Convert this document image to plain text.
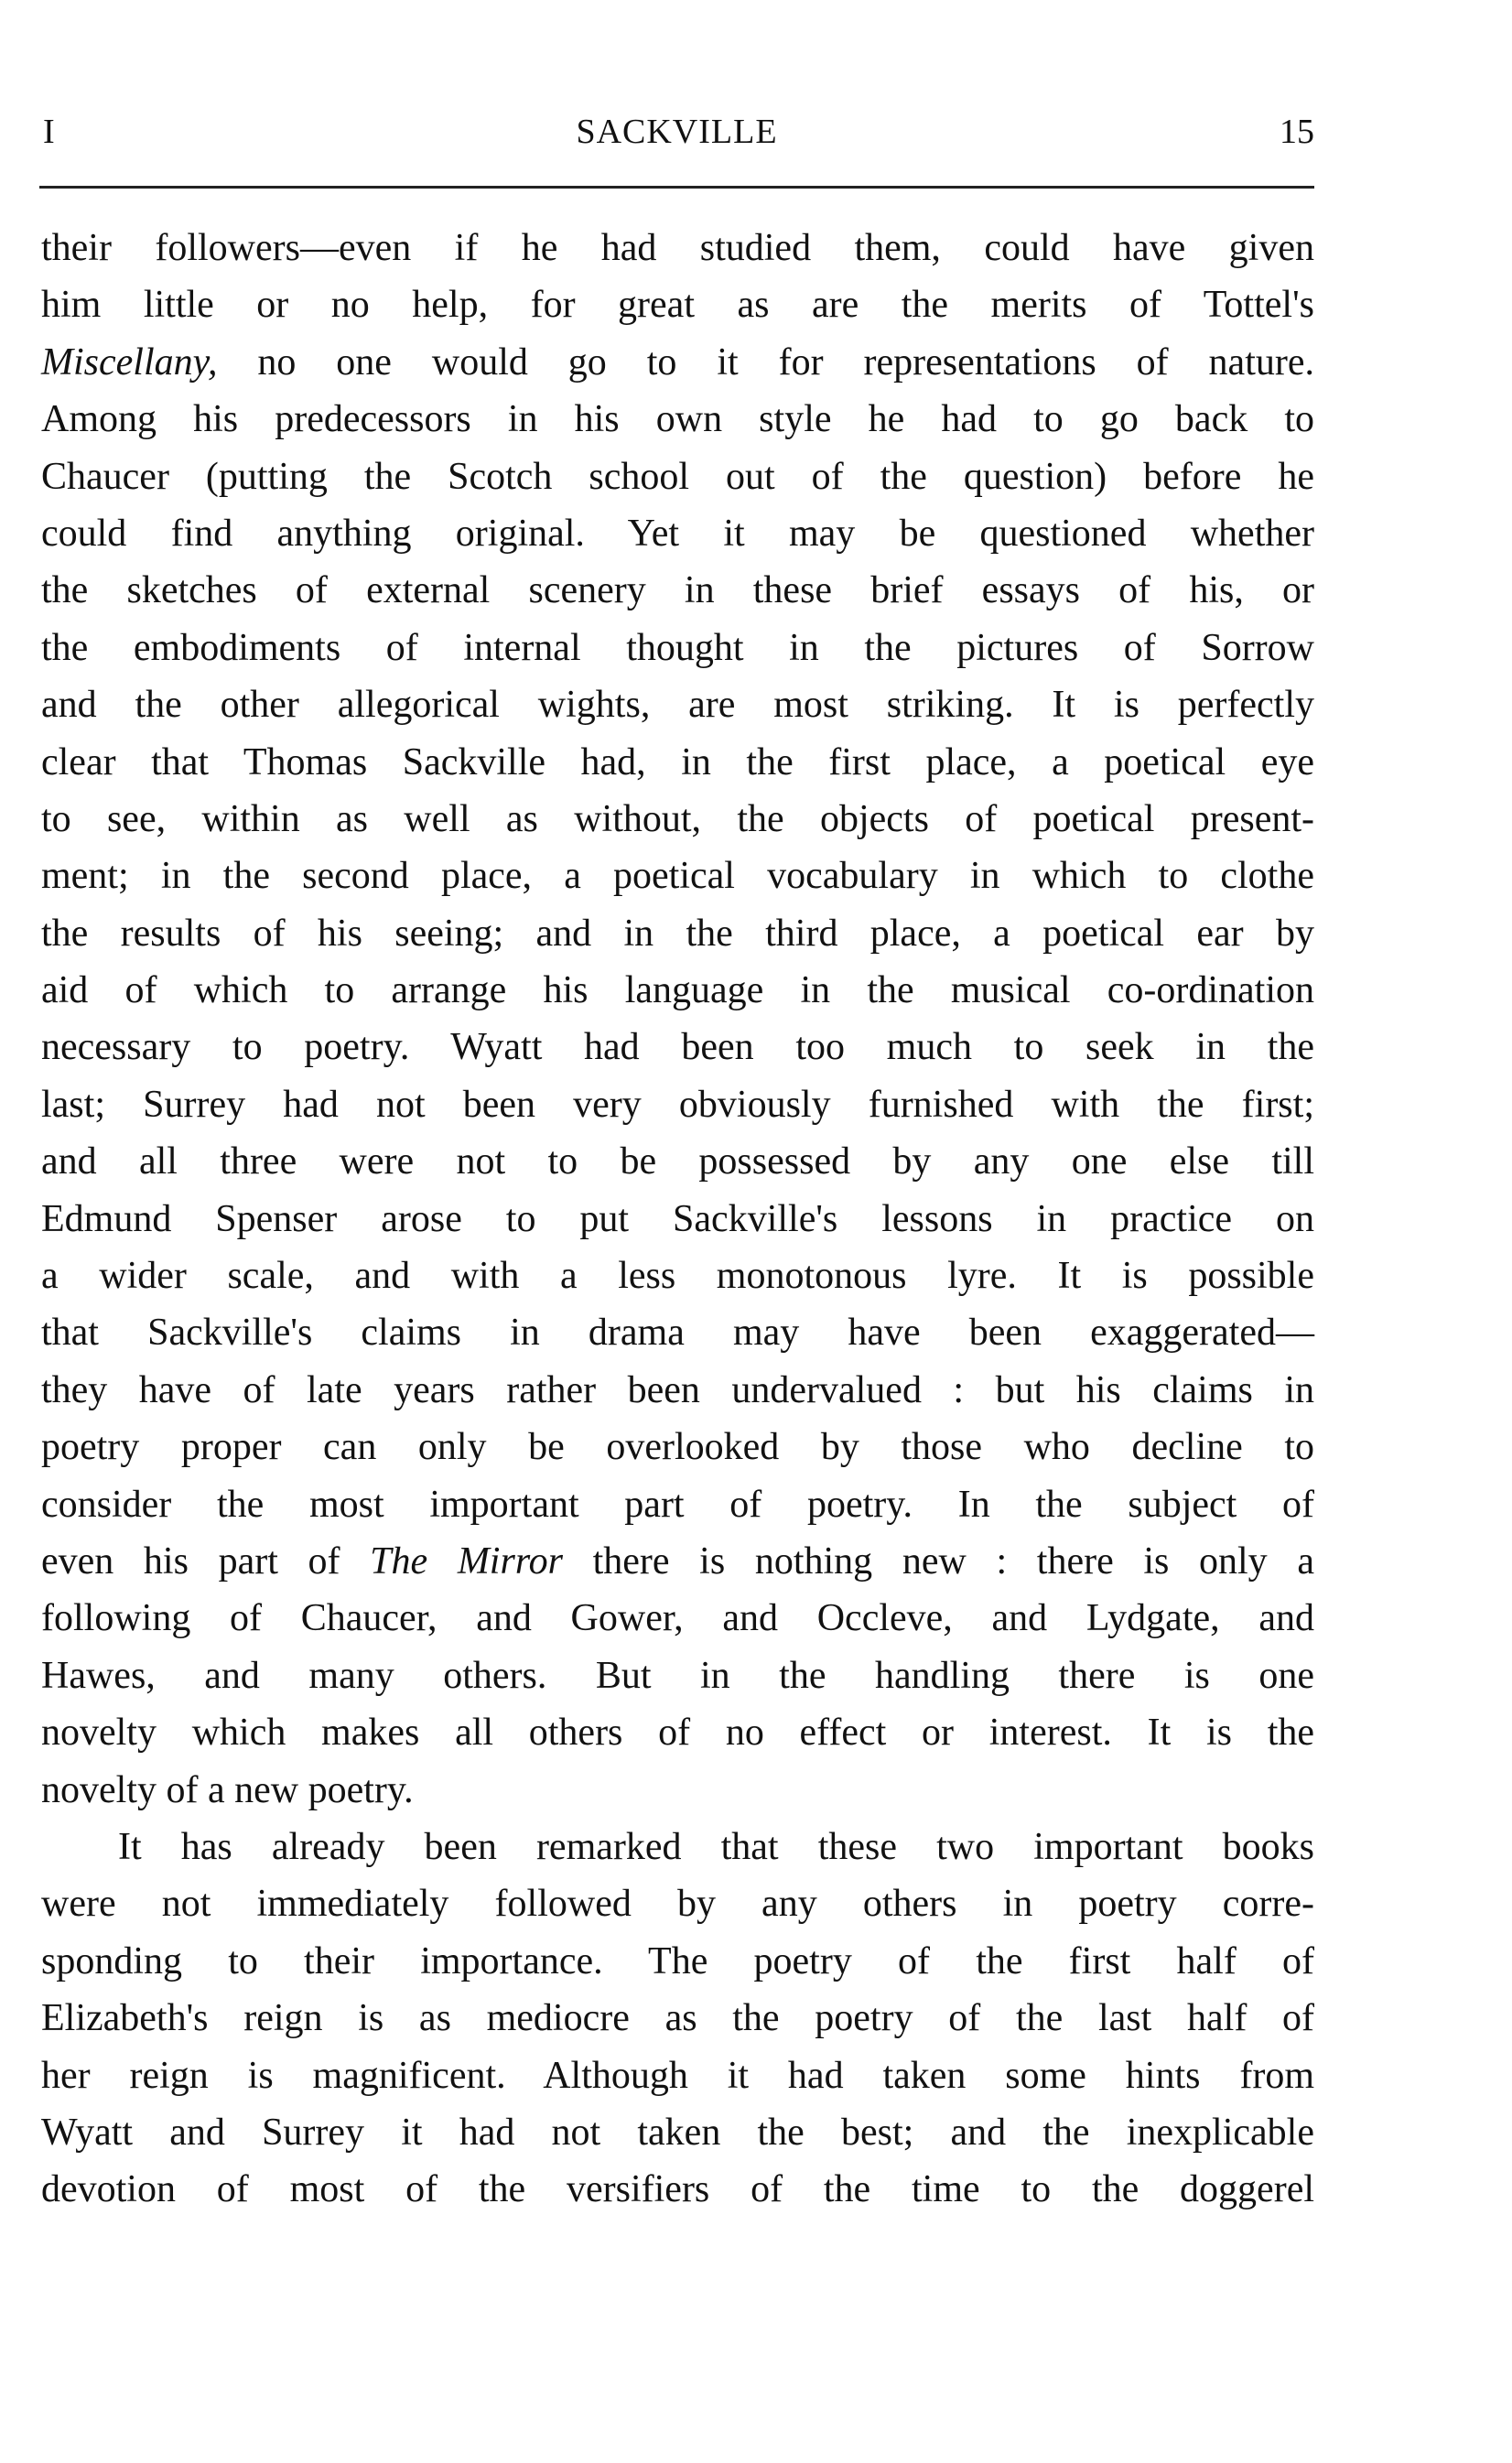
I	SACKVILLE	15
their followers—even if he had studied them, could have given
him little or no help, for great as are the merits of Tottel's
Miscellany, no one would go to it for representations of nature.
Among his predecessors in his own style he had to go back to
Chaucer (putting the Scotch school out of the question) before he
could find anything original. Yet it may be questioned whether
the sketches of external scenery in these brief essays of his, or
the embodiments of internal thought in the pictures of Sorrow
and the other allegorical wights, are most striking. It is perfectly
clear that Thomas Sackville had, in the first place, a poetical eye
to see, within as well as without, the objects of poetical present-
ment; in the second place, a poetical vocabulary in which to clothe
the results of his seeing; and in the third place, a poetical ear by
aid of which to arrange his language in the musical co-ordination
necessary to poetry. Wyatt had been too much to seek in the
last; Surrey had not been very obviously furnished with the first;
and all three were not to be possessed by any one else till
Edmund Spenser arose to put Sackville's lessons in practice on
a wider scale, and with a less monotonous lyre. It is possible
that Sackville's claims in drama may have been exaggerated—
they have of late years rather been undervalued : but his claims in
poetry proper can only be overlooked by those who decline to
consider the most important part of poetry. In the subject of
even his part of The Mirror there is nothing new : there is only a
following of Chaucer, and Gower, and Occleve, and Lydgate, and
Hawes, and many others. But in the handling there is one
novelty which makes all others of no effect or interest. It is the
novelty of a new poetry.
It has already been remarked that these two important books
were not immediately followed by any others in poetry corre-
sponding to their importance. The poetry of the first half of
Elizabeth's reign is as mediocre as the poetry of the last half of
her reign is magnificent. Although it had taken some hints from
Wyatt and Surrey it had not taken the best; and the inexplicable
devotion of most of the versifiers of the time to the doggerel
